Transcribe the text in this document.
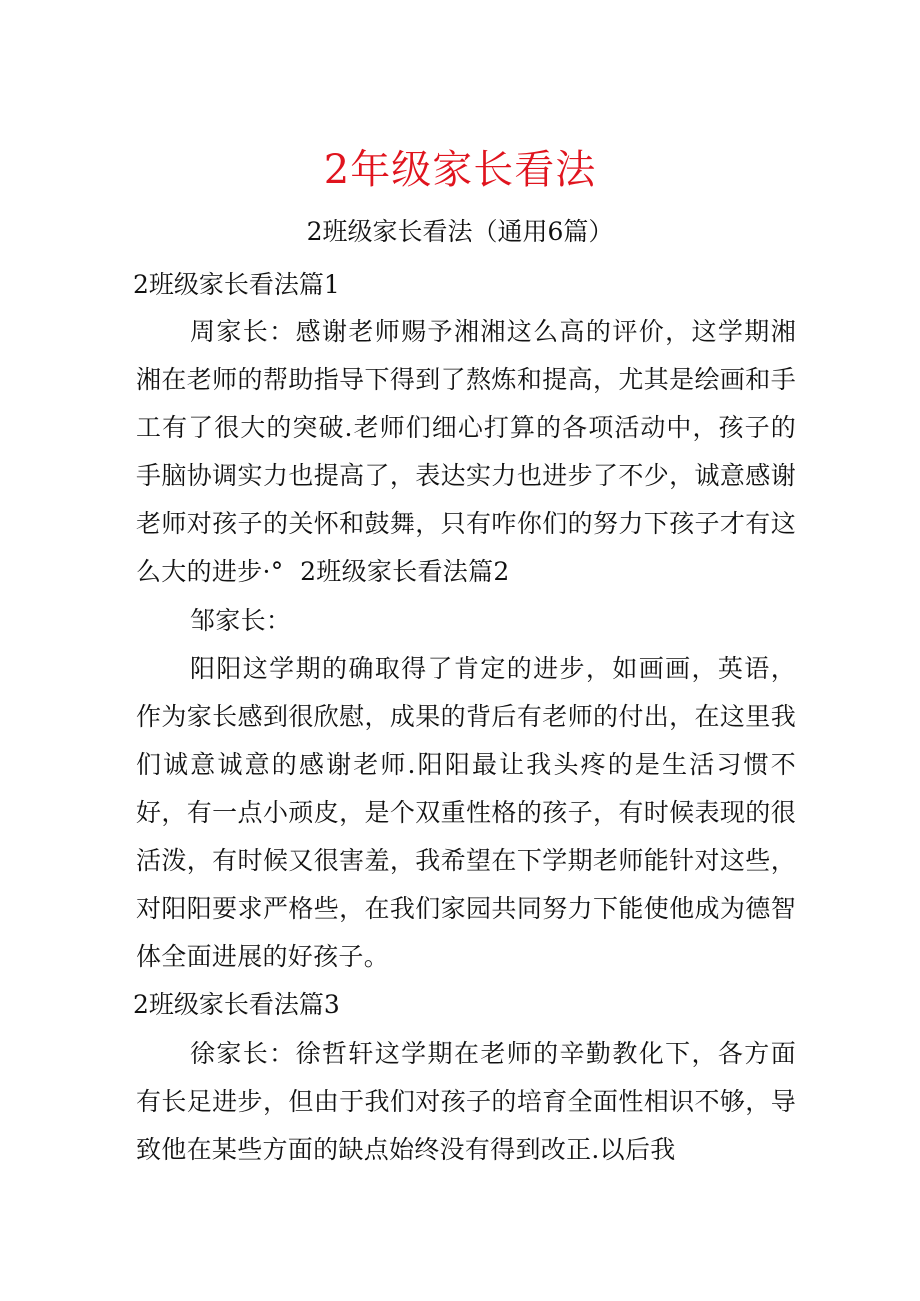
2年级家长看法
2班级家长看法（通用6篇）
2班级家长看法篇1
周家长：感谢老师赐予湘湘这么高的评价，这学期湘湘在老师的帮助指导下得到了熬炼和提高，尤其是绘画和手工有了很大的突破.老师们细心打算的各项活动中，孩子的手脑协调实力也提高了，表达实力也进步了不少，诚意感谢老师对孩子的关怀和鼓舞，只有咋你们的努力下孩子才有这么大的进步·° 2班级家长看法篇2
邹家长：
阳阳这学期的确取得了肯定的进步，如画画，英语，作为家长感到很欣慰，成果的背后有老师的付出，在这里我们诚意诚意的感谢老师.阳阳最让我头疼的是生活习惯不好，有一点小顽皮，是个双重性格的孩子，有时候表现的很活泼，有时候又很害羞，我希望在下学期老师能针对这些，对阳阳要求严格些，在我们家园共同努力下能使他成为德智体全面进展的好孩子。
2班级家长看法篇3
徐家长：徐哲轩这学期在老师的辛勤教化下，各方面有长足进步，但由于我们对孩子的培育全面性相识不够，导致他在某些方面的缺点始终没有得到改正.以后我
